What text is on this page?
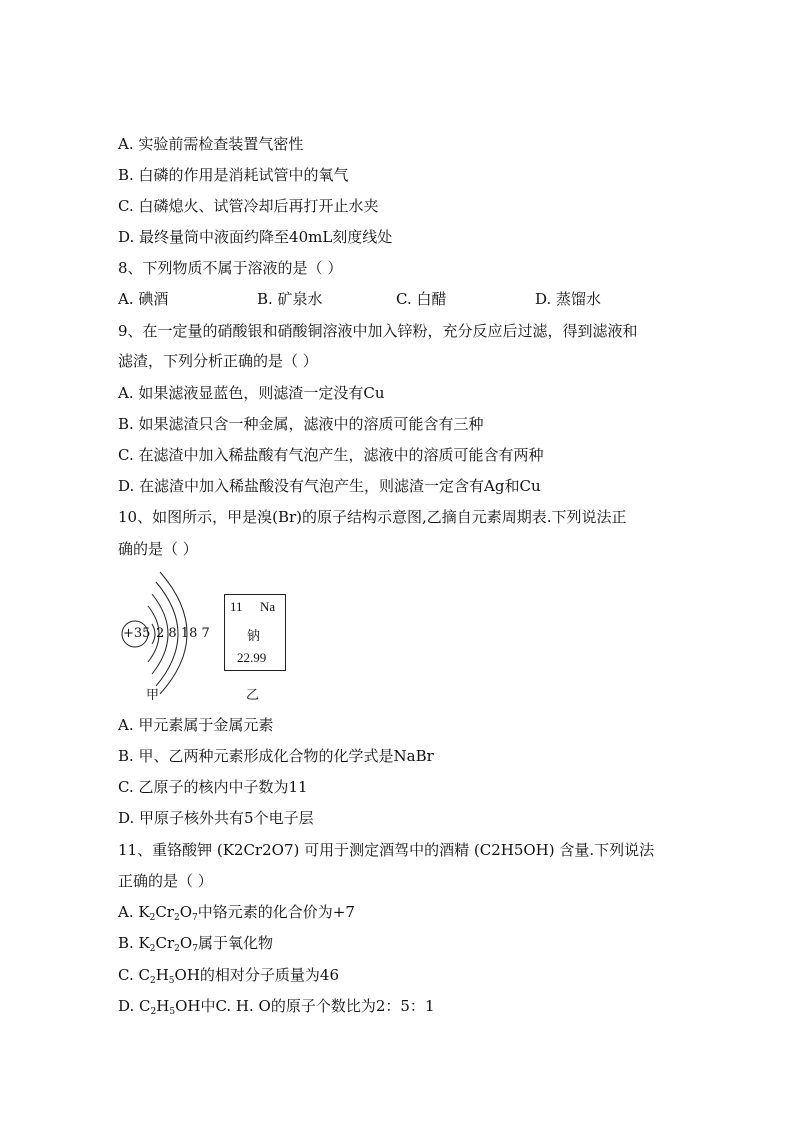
A. 实验前需检查装置气密性
B. 白磷的作用是消耗试管中的氧气
C. 白磷熄火、试管冷却后再打开止水夹
D. 最终量筒中液面约降至40mL刻度线处
8、下列物质不属于溶液的是（ ）
A. 碘酒	B. 矿泉水	C. 白醋	D. 蒸馏水
9、在一定量的硝酸银和硝酸铜溶液中加入锌粉，充分反应后过滤，得到滤液和
滤渣，下列分析正确的是（ ）
A. 如果滤液显蓝色，则滤渣一定没有Cu
B. 如果滤渣只含一种金属，滤液中的溶质可能含有三种
C. 在滤渣中加入稀盐酸有气泡产生，滤液中的溶质可能含有两种
D. 在滤渣中加入稀盐酸没有气泡产生，则滤渣一定含有Ag和Cu
10、如图所示，甲是溴(Br)的原子结构示意图,乙摘自元素周期表.下列说法正
确的是（ ）
+35 2 8 18 7
甲
11 Na
钠
22.99
乙
A. 甲元素属于金属元素
B. 甲、乙两种元素形成化合物的化学式是NaBr
C. 乙原子的核内中子数为11
D. 甲原子核外共有5个电子层
11、重铬酸钾 (K2Cr2O7) 可用于测定酒驾中的酒精 (C2H5OH) 含量.下列说法
正确的是（ ）
A. $K_2Cr_2O_7$中铬元素的化合价为+7
B. $K_2Cr_2O_7$属于氧化物
C. $C_2H_5OH$的相对分子质量为46
D. $C_2H_5OH$中C. H. O的原子个数比为2：5：1
